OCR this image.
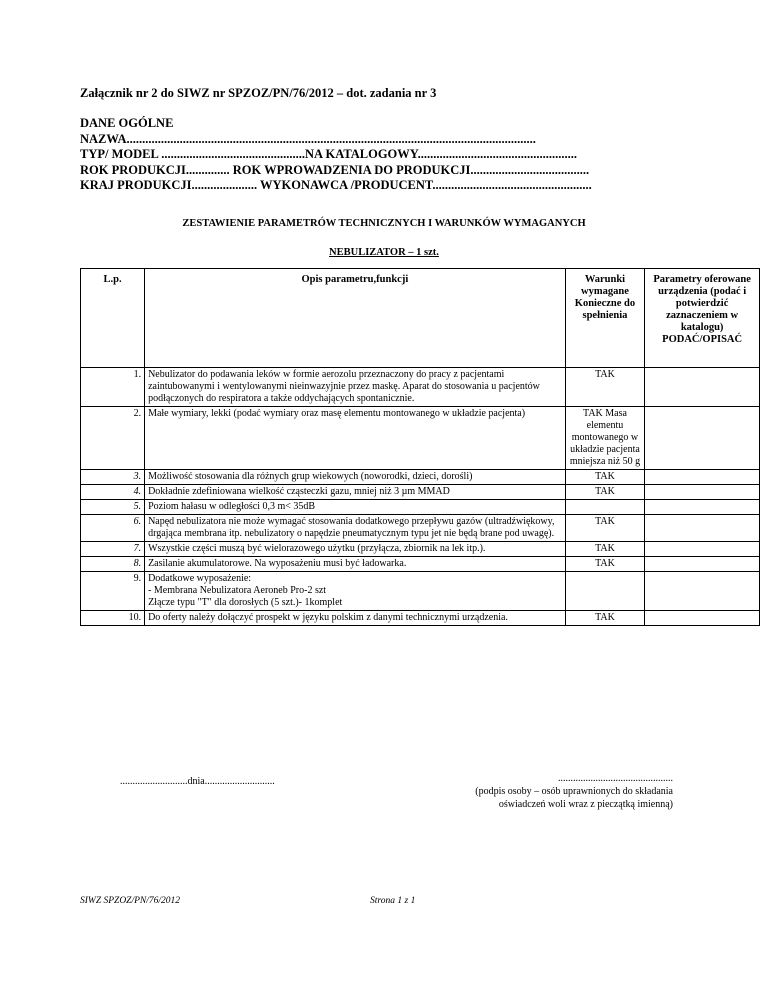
Załącznik nr 2 do SIWZ nr SPZOZ/PN/76/2012 – dot. zadania nr 3
DANE OGÓLNE
NAZWA...................................................................................................................................
TYP/ MODEL ..............................................NA KATALOGOWY...................................................
ROK PRODUKCJI.............. ROK WPROWADZENIA DO PRODUKCJI......................................
KRAJ PRODUKCJI..................... WYKONAWCA /PRODUCENT...................................................
ZESTAWIENIE PARAMETRÓW TECHNICZNYCH I WARUNKÓW WYMAGANYCH
NEBULIZATOR – 1 szt.
L.p.	Opis parametru,funkcji	Warunki wymagane Konieczne do spełnienia	Parametry oferowane urządzenia (podać i potwierdzić zaznaczeniem w katalogu) PODAĆ/OPISAĆ
1.	Nebulizator do podawania leków w formie aerozolu przeznaczony do pracy z pacjentami zaintubowanymi i wentylowanymi nieinwazyjnie przez maskę. Aparat do stosowania u pacjentów podłączonych do respiratora a także oddychających spontanicznie.	TAK	
2.	Małe wymiary, lekki (podać wymiary oraz masę elementu montowanego w układzie pacjenta)	TAK Masa elementu montowanego w układzie pacjenta mniejsza niż 50 g	
3.	Możliwość stosowania dla różnych grup wiekowych (noworodki, dzieci, dorośli)	TAK	
4.	Dokładnie zdefiniowana wielkość cząsteczki gazu, mniej niż 3 µm MMAD	TAK	
5.	Poziom hałasu w odległości 0,3 m< 35dB		
6.	Napęd nebulizatora nie może wymagać stosowania dodatkowego przepływu gazów (ultradźwiękowy, drgająca membrana itp. nebulizatory o napędzie pneumatycznym typu jet nie będą brane pod uwagę).	TAK	
7.	Wszystkie części muszą być wielorazowego użytku (przyłącza, zbiornik na lek itp.).	TAK	
8.	Zasilanie akumulatorowe. Na wyposażeniu musi być ładowarka.	TAK	
9.	Dodatkowe wyposażenie:
- Membrana Nebulizatora Aeroneb Pro-2 szt
Złącze typu "T" dla dorosłych (5 szt.)- 1komplet		

10.	Do oferty należy dołączyć prospekt w języku polskim z danymi technicznymi urządzenia.	TAK	
...........................dnia............................	..............................................
(podpis osoby – osób uprawnionych do składania oświadczeń woli wraz z pieczątką imienną)
SIWZ SPZOZ/PN/76/2012	Strona 1 z 1
